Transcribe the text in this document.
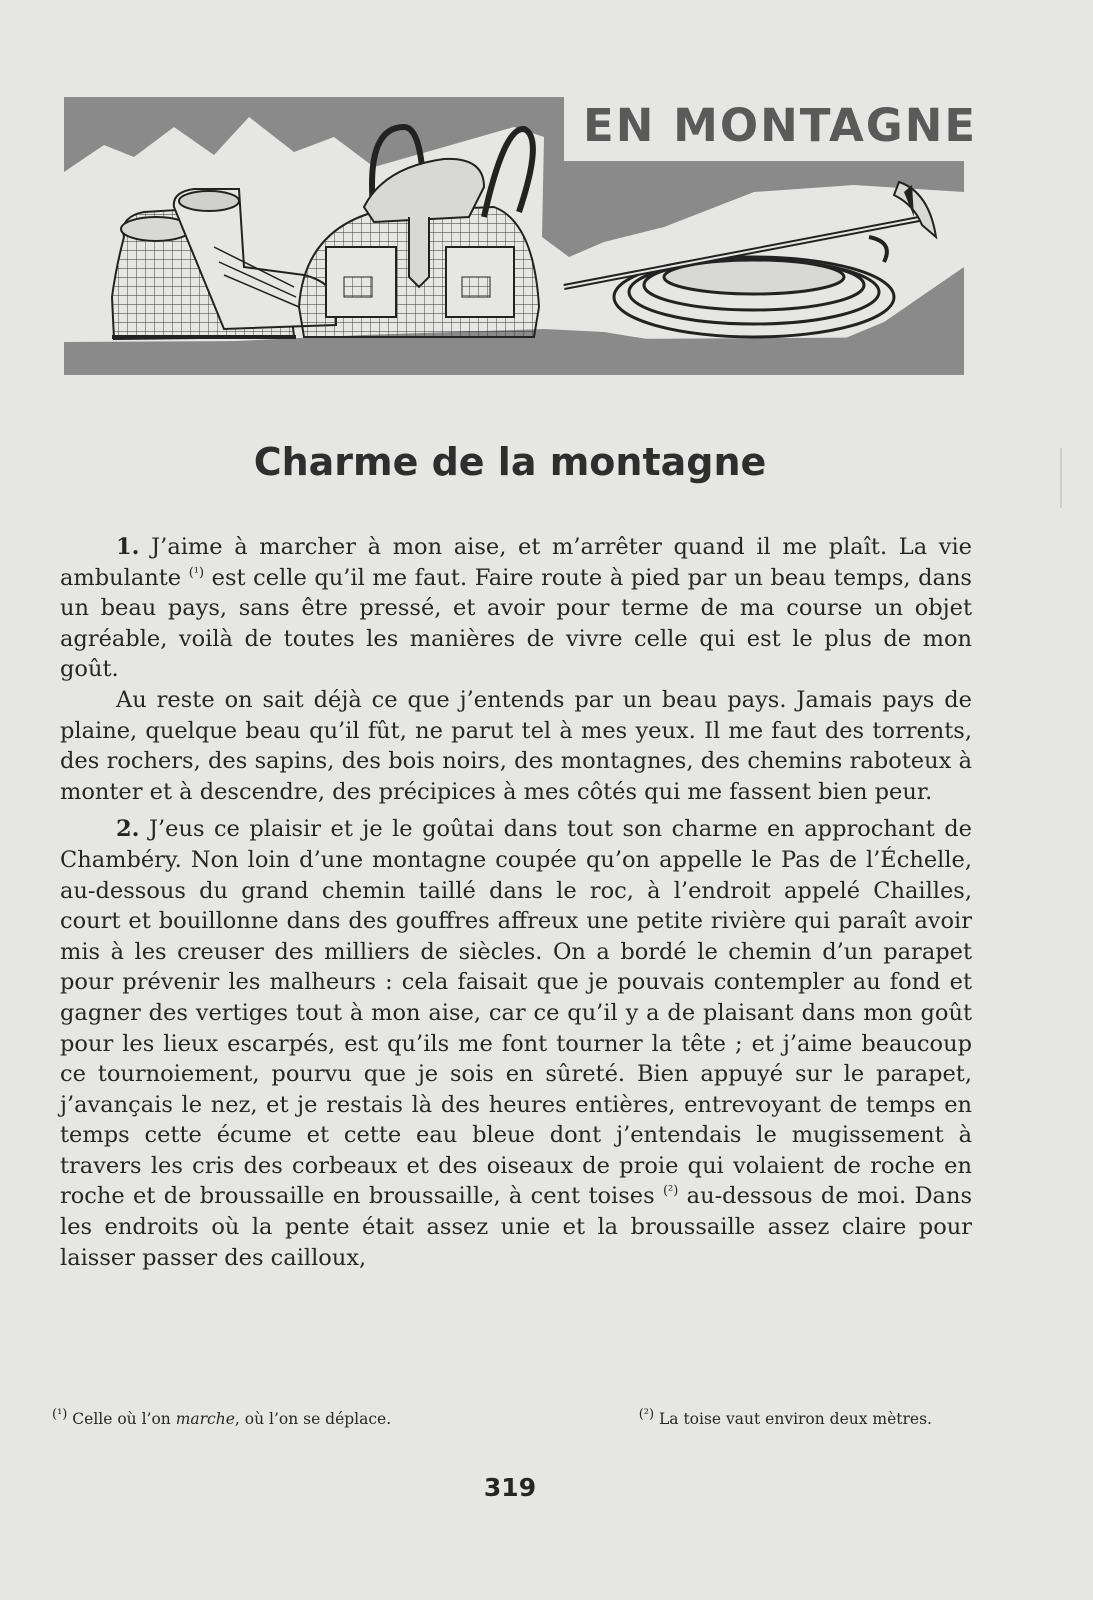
EN MONTAGNE
Charme de la montagne

1. J’aime à marcher à mon aise, et m’arrêter quand il me plaît. La vie ambulante $^{(^1)}$ est celle qu’il me faut. Faire route à pied par un beau temps, dans un beau pays, sans être pressé, et avoir pour terme de ma course un objet agréable, voilà de toutes les manières de vivre celle qui est le plus de mon goût.

Au reste on sait déjà ce que j’entends par un beau pays. Jamais pays de plaine, quelque beau qu’il fût, ne parut tel à mes yeux. Il me faut des torrents, des rochers, des sapins, des bois noirs, des montagnes, des chemins raboteux à monter et à descendre, des précipices à mes côtés qui me fassent bien peur.

2. J’eus ce plaisir et je le goûtai dans tout son charme en approchant de Chambéry. Non loin d’une montagne coupée qu’on appelle le Pas de l’Échelle, au-dessous du grand chemin taillé dans le roc, à l’endroit appelé Chailles, court et bouillonne dans des gouffres affreux une petite rivière qui paraît avoir mis à les creuser des milliers de siècles. On a bordé le chemin d’un parapet pour prévenir les malheurs : cela faisait que je pouvais contempler au fond et gagner des vertiges tout à mon aise, car ce qu’il y a de plaisant dans mon goût pour les lieux escarpés, est qu’ils me font tourner la tête ; et j’aime beaucoup ce tournoiement, pourvu que je sois en sûreté. Bien appuyé sur le parapet, j’avançais le nez, et je restais là des heures entières, entrevoyant de temps en temps cette écume et cette eau bleue dont j’entendais le mugissement à travers les cris des corbeaux et des oiseaux de proie qui volaient de roche en roche et de broussaille en broussaille, à cent toises $^{(^2)}$ au-dessous de moi. Dans les endroits où la pente était assez unie et la broussaille assez claire pour laisser passer des cailloux,

$^{(^1)}$ Celle où l’on marche, où l’on se déplace.	$^{(^2)}$ La toise vaut environ deux mètres.
319
